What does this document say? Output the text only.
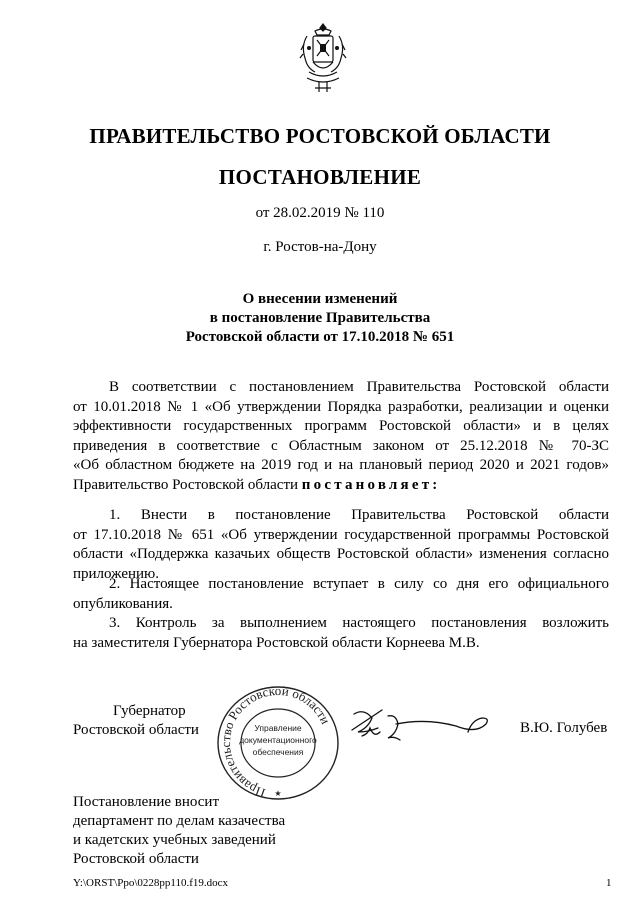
ПРАВИТЕЛЬСТВО РОСТОВСКОЙ ОБЛАСТИ
ПОСТАНОВЛЕНИЕ
от 28.02.2019 № 110
г. Ростов-на-Дону
О внесении изменений
в постановление Правительства
Ростовской области от 17.10.2018 № 651
В соответствии с постановлением Правительства Ростовской области
от 10.01.2018 № 1 «Об утверждении Порядка разработки, реализации и оценки
эффективности государственных программ Ростовской области» и в целях
приведения в соответствие с Областным законом от 25.12.2018 № 70-ЗС
«Об областном бюджете на 2019 год и на плановый период 2020 и 2021 годов»
Правительство Ростовской области постановляет:
1. Внести в постановление Правительства Ростовской области
от 17.10.2018 № 651 «Об утверждении государственной программы Ростовской
области «Поддержка казачьих обществ Ростовской области» изменения согласно
приложению.
2. Настоящее постановление вступает в силу со дня его официального
опубликования.
3. Контроль за выполнением настоящего постановления возложить
на заместителя Губернатора Ростовской области Корнеева М.В.
Губернатор
Ростовской области
Правительство Ростовской области
Управление
документационного
обеспечения
★
В.Ю. Голубев
Постановление вносит
департамент по делам казачества
и кадетских учебных заведений
Ростовской области
Y:\ORST\Ppo\0228pp110.f19.docx	1
